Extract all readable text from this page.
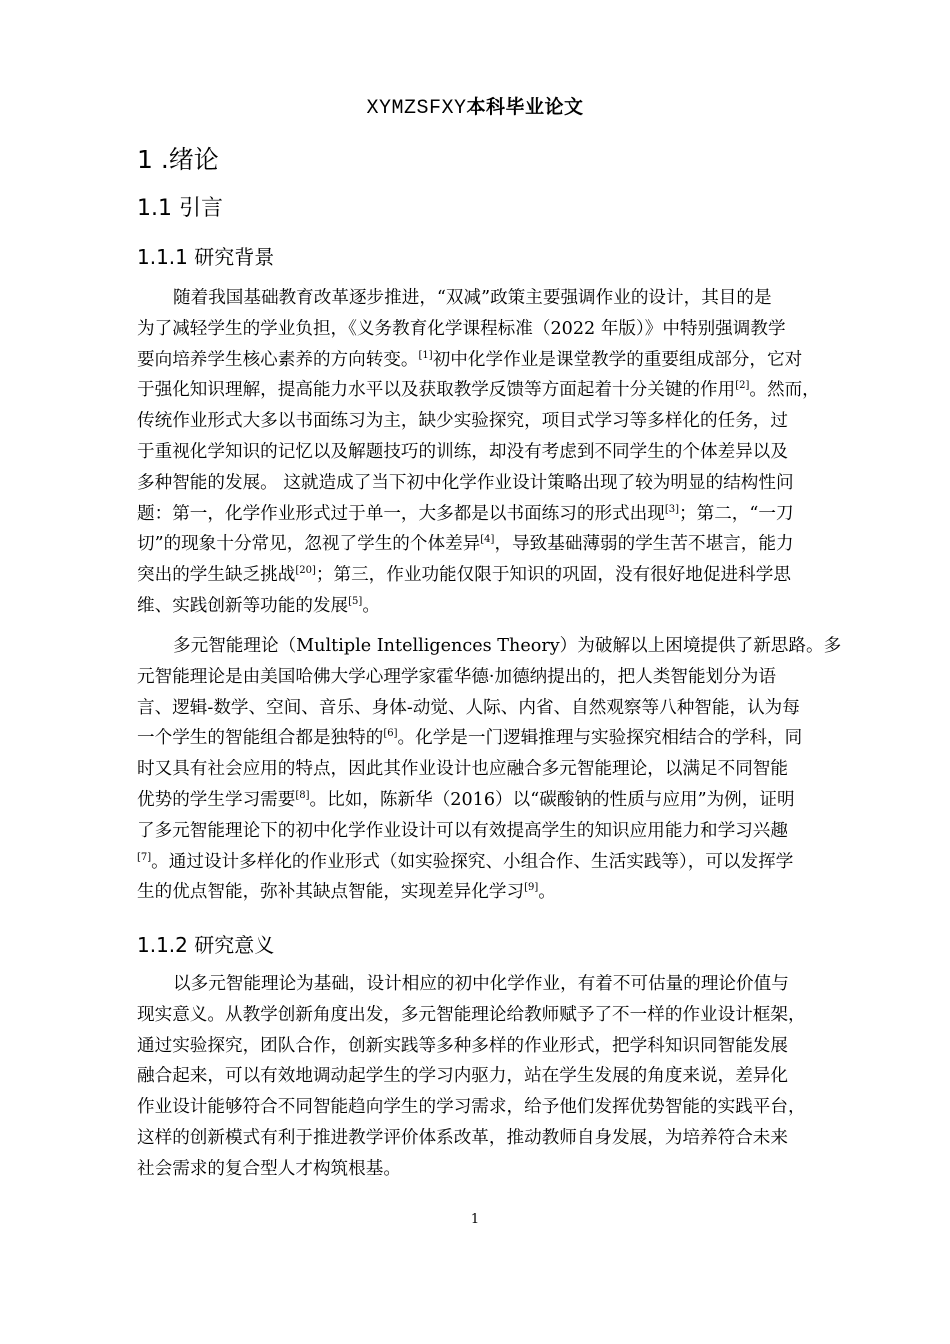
XYMZSFXY本科毕业论文
1 .绪论
1.1 引言
1.1.1 研究背景
随着我国基础教育改革逐步推进，“双减”政策主要强调作业的设计，其目的是
为了减轻学生的学业负担，《义务教育化学课程标准（2022 年版）》中特别强调教学
要向培养学生核心素养的方向转变。[1]初中化学作业是课堂教学的重要组成部分，它对
于强化知识理解，提高能力水平以及获取教学反馈等方面起着十分关键的作用[2]。然而，
传统作业形式大多以书面练习为主，缺少实验探究，项目式学习等多样化的任务，过
于重视化学知识的记忆以及解题技巧的训练，却没有考虑到不同学生的个体差异以及
多种智能的发展。 这就造成了当下初中化学作业设计策略出现了较为明显的结构性问
题：第一，化学作业形式过于单一，大多都是以书面练习的形式出现[3]；第二，“一刀
切”的现象十分常见，忽视了学生的个体差异[4]，导致基础薄弱的学生苦不堪言，能力
突出的学生缺乏挑战[20]；第三，作业功能仅限于知识的巩固，没有很好地促进科学思
维、实践创新等功能的发展[5]。
多元智能理论（Multiple Intelligences Theory）为破解以上困境提供了新思路。多
元智能理论是由美国哈佛大学心理学家霍华德·加德纳提出的，把人类智能划分为语
言、逻辑-数学、空间、音乐、身体-动觉、人际、内省、自然观察等八种智能，认为每
一个学生的智能组合都是独特的[6]。化学是一门逻辑推理与实验探究相结合的学科，同
时又具有社会应用的特点，因此其作业设计也应融合多元智能理论，以满足不同智能
优势的学生学习需要[8]。比如，陈新华（2016）以“碳酸钠的性质与应用”为例，证明
了多元智能理论下的初中化学作业设计可以有效提高学生的知识应用能力和学习兴趣
[7]。通过设计多样化的作业形式（如实验探究、小组合作、生活实践等），可以发挥学
生的优点智能，弥补其缺点智能，实现差异化学习[9]。
1.1.2 研究意义
以多元智能理论为基础，设计相应的初中化学作业，有着不可估量的理论价值与
现实意义。从教学创新角度出发，多元智能理论给教师赋予了不一样的作业设计框架，
通过实验探究，团队合作，创新实践等多种多样的作业形式，把学科知识同智能发展
融合起来，可以有效地调动起学生的学习内驱力，站在学生发展的角度来说，差异化
作业设计能够符合不同智能趋向学生的学习需求，给予他们发挥优势智能的实践平台，
这样的创新模式有利于推进教学评价体系改革，推动教师自身发展，为培养符合未来
社会需求的复合型人才构筑根基。
1
